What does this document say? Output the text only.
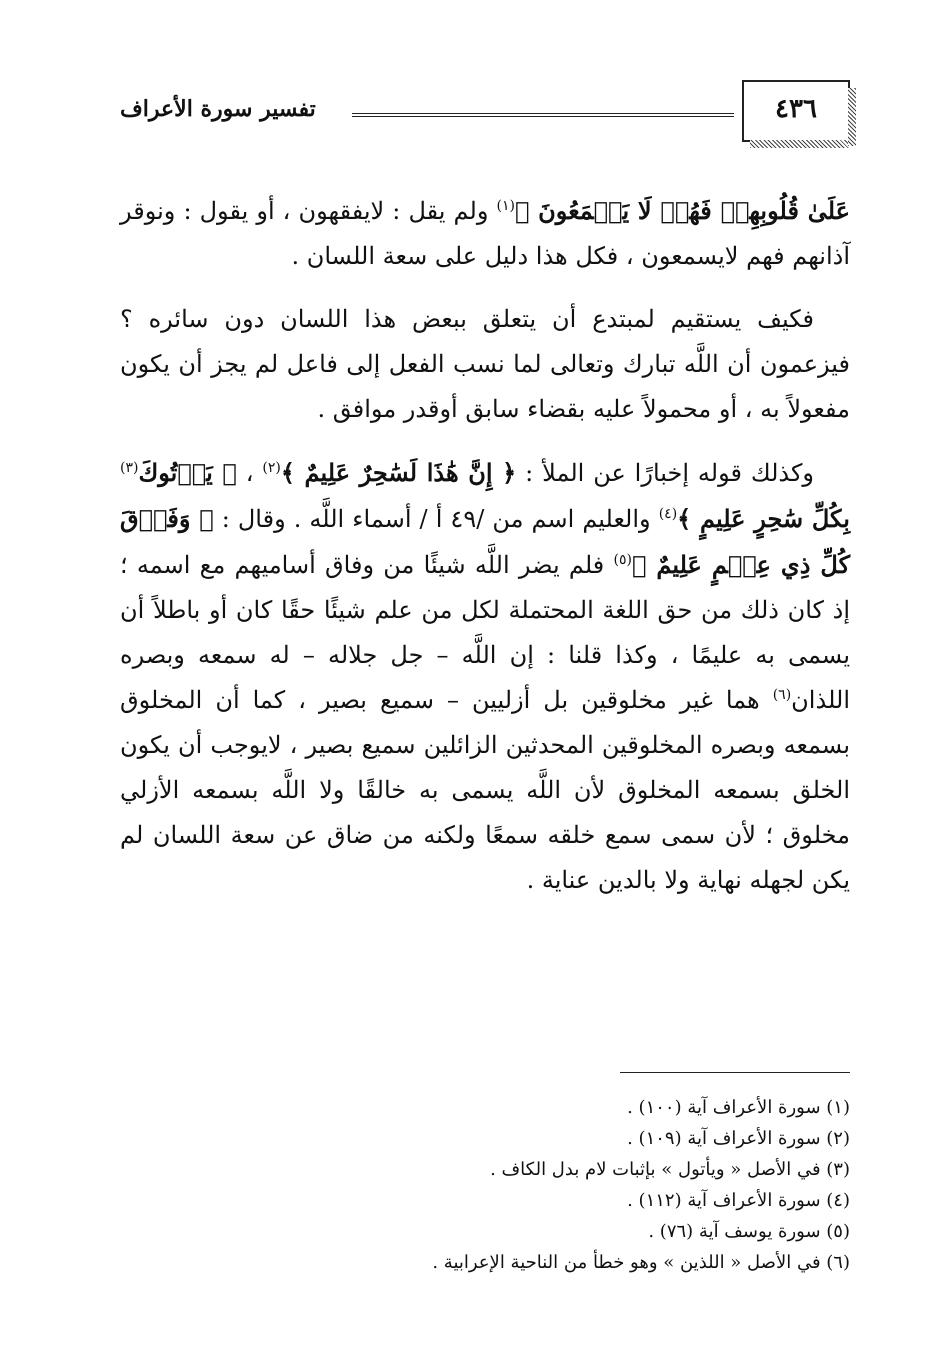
٤٣٦
تفسير سورة الأعراف

عَلَىٰ قُلُوبِهِمۡ فَهُمۡ لَا يَسۡمَعُونَ ﴾$^{(١)}$ ولم يقل : لايفقهون ، أو يقول : ونوقر آذانهم فهم لايسمعون ، فكل هذا دليل على سعة اللسان .

فكيف يستقيم لمبتدع أن يتعلق ببعض هذا اللسان دون سائره ؟ فيزعمون أن اللَّه تبارك وتعالى لما نسب الفعل إلى فاعل لم يجز أن يكون مفعولاً به ، أو محمولاً عليه بقضاء سابق أوقدر موافق .

وكذلك قوله إخبارًا عن الملأ : ﴿ إِنَّ هَٰذَا لَسَٰحِرٌ عَلِيمٌ ﴾$^{(٢)}$ ، ﴿ يَأۡتُوكَ$^{(٣)}$ بِكُلِّ سَٰحِرٍ عَلِيمٍ ﴾$^{(٤)}$ والعليم اسم من /٤٩ أ / أسماء اللَّه . وقال : ﴿ وَفَوۡقَ كُلِّ ذِي عِلۡمٍ عَلِيمٌ ﴾$^{(٥)}$ فلم يضر اللَّه شيئًا من وفاق أساميهم مع اسمه ؛ إذ كان ذلك من حق اللغة المحتملة لكل من علم شيئًا حقًا كان أو باطلاً أن يسمى به عليمًا ، وكذا قلنا : إن اللَّه – جل جلاله – له سمعه وبصره اللذان$^{(٦)}$ هما غير مخلوقين بل أزليين – سميع بصير ، كما أن المخلوق بسمعه وبصره المخلوقين المحدثين الزائلين سميع بصير ، لايوجب أن يكون الخلق بسمعه المخلوق لأن اللَّه يسمى به خالقًا ولا اللَّه بسمعه الأزلي مخلوق ؛ لأن سمى سمع خلقه سمعًا ولكنه من ضاق عن سعة اللسان لم يكن لجهله نهاية ولا بالدين عناية .

(١) سورة الأعراف آية (١٠٠) .
(٢) سورة الأعراف آية (١٠٩) .
(٣) في الأصل « ويأتول » بإثبات لام بدل الكاف .
(٤) سورة الأعراف آية (١١٢) .
(٥) سورة يوسف آية (٧٦) .
(٦) في الأصل « اللذين » وهو خطأ من الناحية الإعرابية .
